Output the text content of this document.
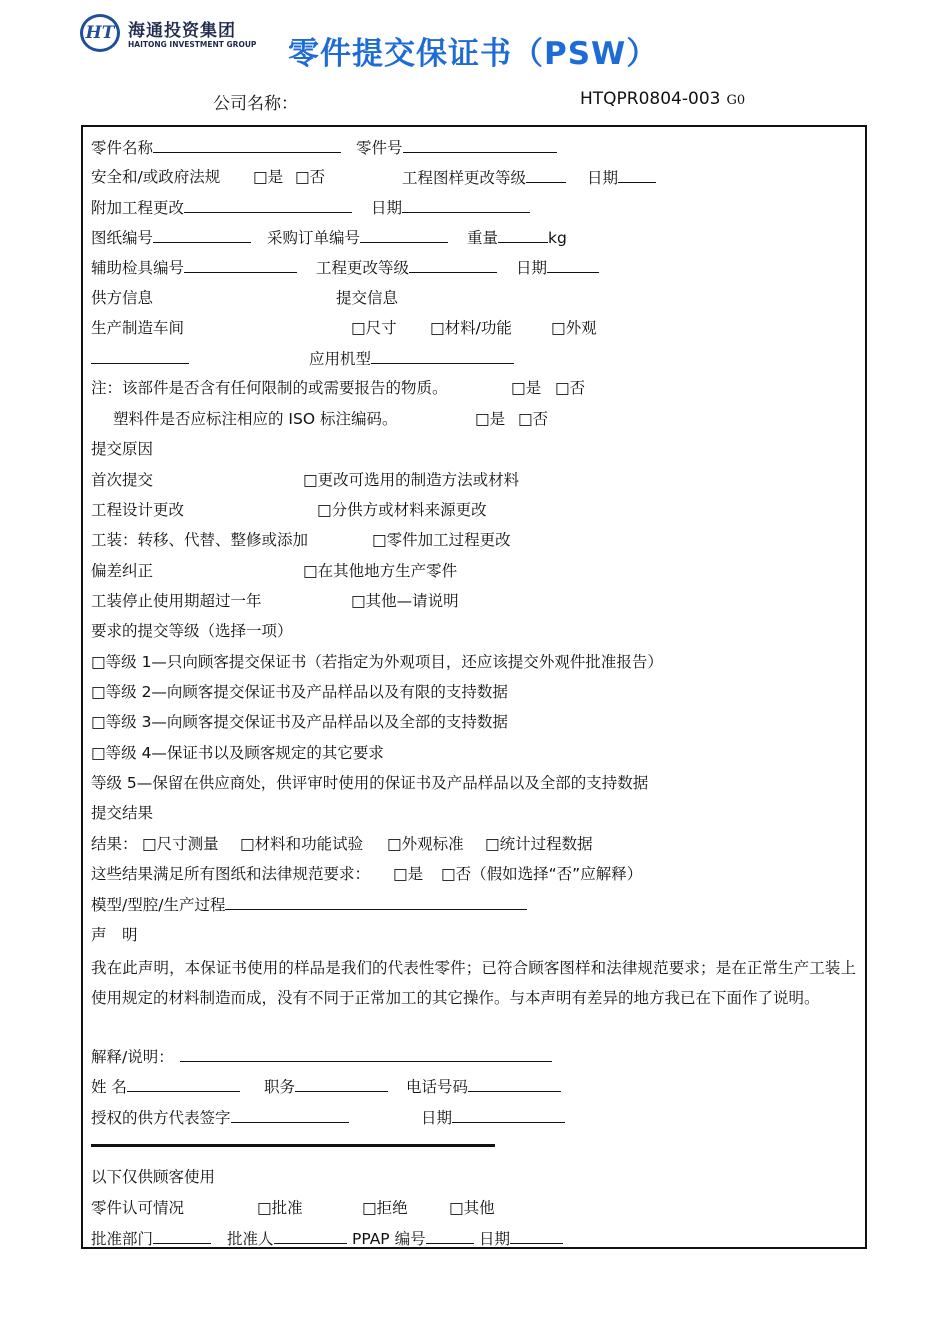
HT 海通投资集团
HAITONG INVESTMENT GROUP 零件提交保证书（PSW）
公司名称：	HTQPR0804-003 G0
零件名称	零件号
安全和/或政府法规 □是 □否	工程图样更改等级	日期
附加工程更改	日期
图纸编号	采购订单编号	重量	kg
辅助检具编号	工程更改等级	日期
供方信息	提交信息
生产制造车间	□尺寸 □材料/功能	□外观
应用机型
注：该部件是否含有任何限制的或需要报告的物质。	□是 □否
塑料件是否应标注相应的 ISO 标注编码。	□是 □否
提交原因
首次提交	□更改可选用的制造方法或材料
工程设计更改	□分供方或材料来源更改
工装：转移、代替、整修或添加	□零件加工过程更改
偏差纠正	□在其他地方生产零件
工装停止使用期超过一年	□其他—请说明
要求的提交等级（选择一项）
□等级 1—只向顾客提交保证书（若指定为外观项目，还应该提交外观件批准报告）
□等级 2—向顾客提交保证书及产品样品以及有限的支持数据
□等级 3—向顾客提交保证书及产品样品以及全部的支持数据
□等级 4—保证书以及顾客规定的其它要求
等级 5—保留在供应商处，供评审时使用的保证书及产品样品以及全部的支持数据
提交结果
结果： □尺寸测量 □材料和功能试验 □外观标准 □统计过程数据
这些结果满足所有图纸和法律规范要求： □是 □否（假如选择“否”应解释）
模型/型腔/生产过程
声　明
我在此声明，本保证书使用的样品是我们的代表性零件；已符合顾客图样和法律规范要求；是在正常生产工装上使用规定的材料制造而成，没有不同于正常加工的其它操作。与本声明有差异的地方我已在下面作了说明。
解释/说明：
姓 名	职务	电话号码
授权的供方代表签字	日期
以下仅供顾客使用
零件认可情况	□批准	□拒绝	□其他
批准部门	批准人	PPAP 编号	日期
